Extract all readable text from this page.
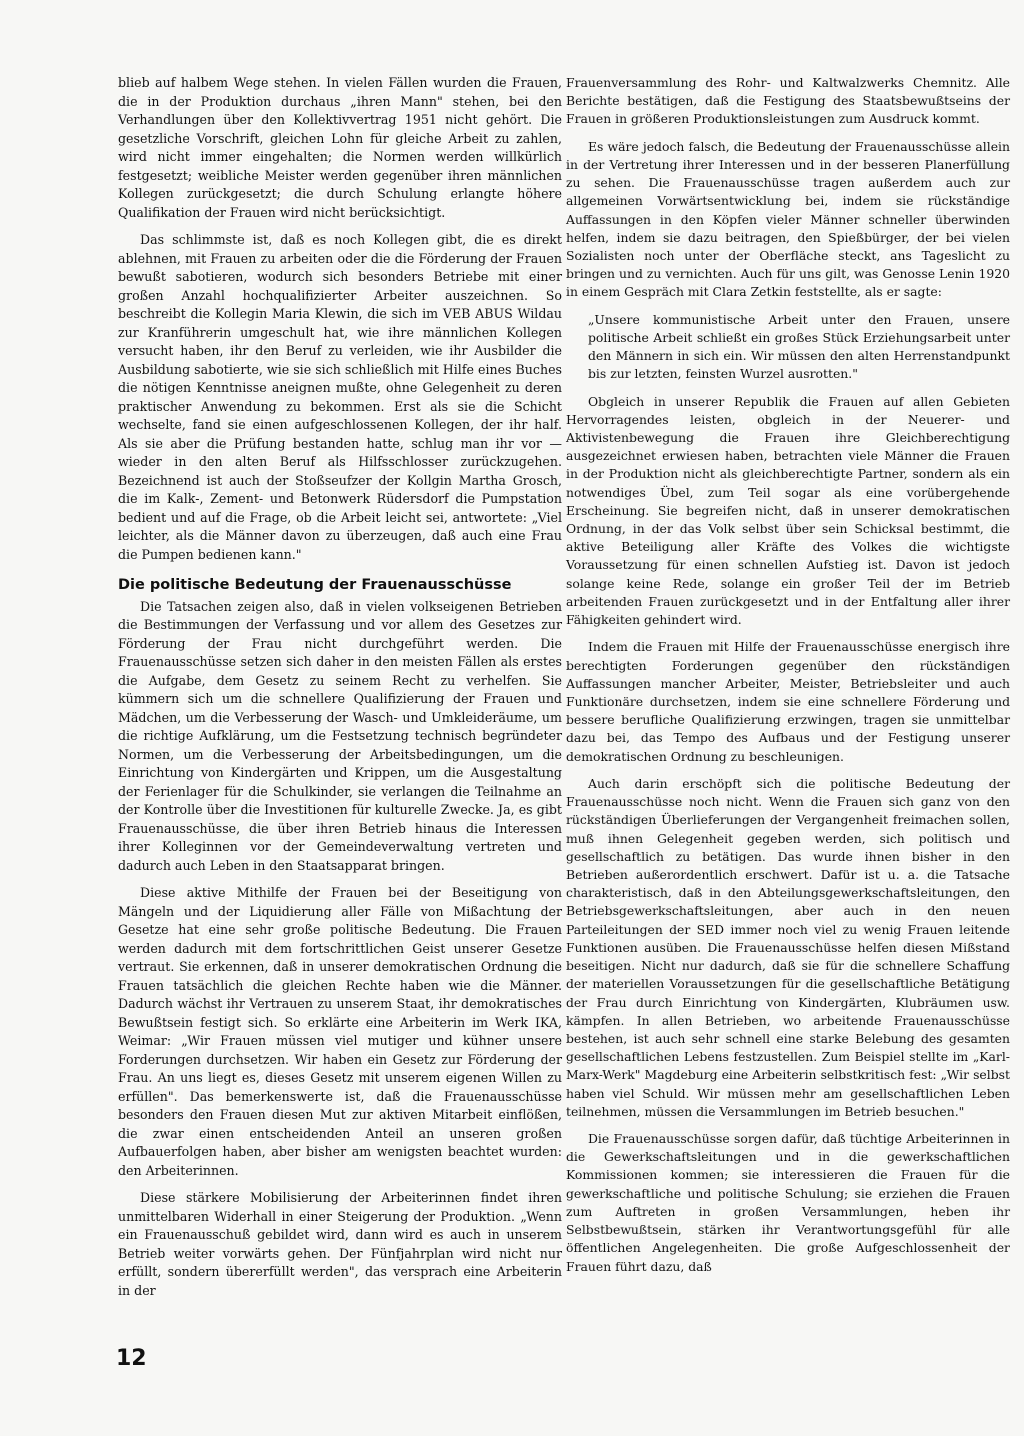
blieb auf halbem Wege stehen. In vielen Fällen wurden die Frauen, die in der Produktion durchaus „ihren Mann" stehen, bei den Verhandlungen über den Kollektivvertrag 1951 nicht gehört. Die gesetzliche Vorschrift, gleichen Lohn für gleiche Arbeit zu zahlen, wird nicht immer eingehalten; die Normen werden willkürlich festgesetzt; weibliche Meister werden gegenüber ihren männlichen Kollegen zurückgesetzt; die durch Schulung erlangte höhere Qualifikation der Frauen wird nicht berücksichtigt.

Das schlimmste ist, daß es noch Kollegen gibt, die es direkt ablehnen, mit Frauen zu arbeiten oder die die Förderung der Frauen bewußt sabotieren, wodurch sich besonders Betriebe mit einer großen Anzahl hochqualifizierter Arbeiter auszeichnen. So beschreibt die Kollegin Maria Klewin, die sich im VEB ABUS Wildau zur Kranführerin umgeschult hat, wie ihre männlichen Kollegen versucht haben, ihr den Beruf zu verleiden, wie ihr Ausbilder die Ausbildung sabotierte, wie sie sich schließlich mit Hilfe eines Buches die nötigen Kenntnisse aneignen mußte, ohne Gelegenheit zu deren praktischer Anwendung zu bekommen. Erst als sie die Schicht wechselte, fand sie einen aufgeschlossenen Kollegen, der ihr half. Als sie aber die Prüfung bestanden hatte, schlug man ihr vor — wieder in den alten Beruf als Hilfsschlosser zurückzugehen. Bezeichnend ist auch der Stoßseufzer der Kollgin Martha Grosch, die im Kalk-, Zement- und Betonwerk Rüdersdorf die Pumpstation bedient und auf die Frage, ob die Arbeit leicht sei, antwortete: „Viel leichter, als die Männer davon zu überzeugen, daß auch eine Frau die Pumpen bedienen kann."

Die politische Bedeutung der Frauenausschüsse

Die Tatsachen zeigen also, daß in vielen volkseigenen Betrieben die Bestimmungen der Verfassung und vor allem des Gesetzes zur Förderung der Frau nicht durchgeführt werden. Die Frauenausschüsse setzen sich daher in den meisten Fällen als erstes die Aufgabe, dem Gesetz zu seinem Recht zu verhelfen. Sie kümmern sich um die schnellere Qualifizierung der Frauen und Mädchen, um die Verbesserung der Wasch- und Umkleideräume, um die richtige Aufklärung, um die Festsetzung technisch begründeter Normen, um die Verbesserung der Arbeitsbedingungen, um die Einrichtung von Kindergärten und Krippen, um die Ausgestaltung der Ferienlager für die Schulkinder, sie verlangen die Teilnahme an der Kontrolle über die Investitionen für kulturelle Zwecke. Ja, es gibt Frauenausschüsse, die über ihren Betrieb hinaus die Interessen ihrer Kolleginnen vor der Gemeindeverwaltung vertreten und dadurch auch Leben in den Staatsapparat bringen.

Diese aktive Mithilfe der Frauen bei der Beseitigung von Mängeln und der Liquidierung aller Fälle von Mißachtung der Gesetze hat eine sehr große politische Bedeutung. Die Frauen werden dadurch mit dem fortschrittlichen Geist unserer Gesetze vertraut. Sie erkennen, daß in unserer demokratischen Ordnung die Frauen tatsächlich die gleichen Rechte haben wie die Männer. Dadurch wächst ihr Vertrauen zu unserem Staat, ihr demokratisches Bewußtsein festigt sich. So erklärte eine Arbeiterin im Werk IKA, Weimar: „Wir Frauen müssen viel mutiger und kühner unsere Forderungen durchsetzen. Wir haben ein Gesetz zur Förderung der Frau. An uns liegt es, dieses Gesetz mit unserem eigenen Willen zu erfüllen". Das bemerkenswerte ist, daß die Frauenausschüsse besonders den Frauen diesen Mut zur aktiven Mitarbeit einflößen, die zwar einen entscheidenden Anteil an unseren großen Aufbauerfolgen haben, aber bisher am wenigsten beachtet wurden: den Arbeiterinnen.

Diese stärkere Mobilisierung der Arbeiterinnen findet ihren unmittelbaren Widerhall in einer Steigerung der Produktion. „Wenn ein Frauenausschuß gebildet wird, dann wird es auch in unserem Betrieb weiter vorwärts gehen. Der Fünfjahrplan wird nicht nur erfüllt, sondern übererfüllt werden", das versprach eine Arbeiterin in der

Frauenversammlung des Rohr- und Kaltwalzwerks Chemnitz. Alle Berichte bestätigen, daß die Festigung des Staatsbewußtseins der Frauen in größeren Produktionsleistungen zum Ausdruck kommt.

Es wäre jedoch falsch, die Bedeutung der Frauenausschüsse allein in der Vertretung ihrer Interessen und in der besseren Planerfüllung zu sehen. Die Frauenausschüsse tragen außerdem auch zur allgemeinen Vorwärtsentwicklung bei, indem sie rückständige Auffassungen in den Köpfen vieler Männer schneller überwinden helfen, indem sie dazu beitragen, den Spießbürger, der bei vielen Sozialisten noch unter der Oberfläche steckt, ans Tageslicht zu bringen und zu vernichten. Auch für uns gilt, was Genosse Lenin 1920 in einem Gespräch mit Clara Zetkin feststellte, als er sagte:

„Unsere kommunistische Arbeit unter den Frauen, unsere politische Arbeit schließt ein großes Stück Erziehungsarbeit unter den Männern in sich ein. Wir müssen den alten Herrenstandpunkt bis zur letzten, feinsten Wurzel ausrotten."

Obgleich in unserer Republik die Frauen auf allen Gebieten Hervorragendes leisten, obgleich in der Neuerer- und Aktivistenbewegung die Frauen ihre Gleichberechtigung ausgezeichnet erwiesen haben, betrachten viele Männer die Frauen in der Produktion nicht als gleichberechtigte Partner, sondern als ein notwendiges Übel, zum Teil sogar als eine vorübergehende Erscheinung. Sie begreifen nicht, daß in unserer demokratischen Ordnung, in der das Volk selbst über sein Schicksal bestimmt, die aktive Beteiligung aller Kräfte des Volkes die wichtigste Voraussetzung für einen schnellen Aufstieg ist. Davon ist jedoch solange keine Rede, solange ein großer Teil der im Betrieb arbeitenden Frauen zurückgesetzt und in der Entfaltung aller ihrer Fähigkeiten gehindert wird.

Indem die Frauen mit Hilfe der Frauenausschüsse energisch ihre berechtigten Forderungen gegenüber den rückständigen Auffassungen mancher Arbeiter, Meister, Betriebsleiter und auch Funktionäre durchsetzen, indem sie eine schnellere Förderung und bessere berufliche Qualifizierung erzwingen, tragen sie unmittelbar dazu bei, das Tempo des Aufbaus und der Festigung unserer demokratischen Ordnung zu beschleunigen.

Auch darin erschöpft sich die politische Bedeutung der Frauenausschüsse noch nicht. Wenn die Frauen sich ganz von den rückständigen Überlieferungen der Vergangenheit freimachen sollen, muß ihnen Gelegenheit gegeben werden, sich politisch und gesellschaftlich zu betätigen. Das wurde ihnen bisher in den Betrieben außerordentlich erschwert. Dafür ist u. a. die Tatsache charakteristisch, daß in den Abteilungsgewerkschaftsleitungen, den Betriebsgewerkschaftsleitungen, aber auch in den neuen Parteileitungen der SED immer noch viel zu wenig Frauen leitende Funktionen ausüben. Die Frauenausschüsse helfen diesen Mißstand beseitigen. Nicht nur dadurch, daß sie für die schnellere Schaffung der materiellen Voraussetzungen für die gesellschaftliche Betätigung der Frau durch Einrichtung von Kindergärten, Klubräumen usw. kämpfen. In allen Betrieben, wo arbeitende Frauenausschüsse bestehen, ist auch sehr schnell eine starke Belebung des gesamten gesellschaftlichen Lebens festzustellen. Zum Beispiel stellte im „Karl-Marx-Werk" Magdeburg eine Arbeiterin selbstkritisch fest: „Wir selbst haben viel Schuld. Wir müssen mehr am gesellschaftlichen Leben teilnehmen, müssen die Versammlungen im Betrieb besuchen."

Die Frauenausschüsse sorgen dafür, daß tüchtige Arbeiterinnen in die Gewerkschaftsleitungen und in die gewerkschaftlichen Kommissionen kommen; sie interessieren die Frauen für die gewerkschaftliche und politische Schulung; sie erziehen die Frauen zum Auftreten in großen Versammlungen, heben ihr Selbstbewußtsein, stärken ihr Verantwortungsgefühl für alle öffentlichen Angelegenheiten. Die große Aufgeschlossenheit der Frauen führt dazu, daß

12
